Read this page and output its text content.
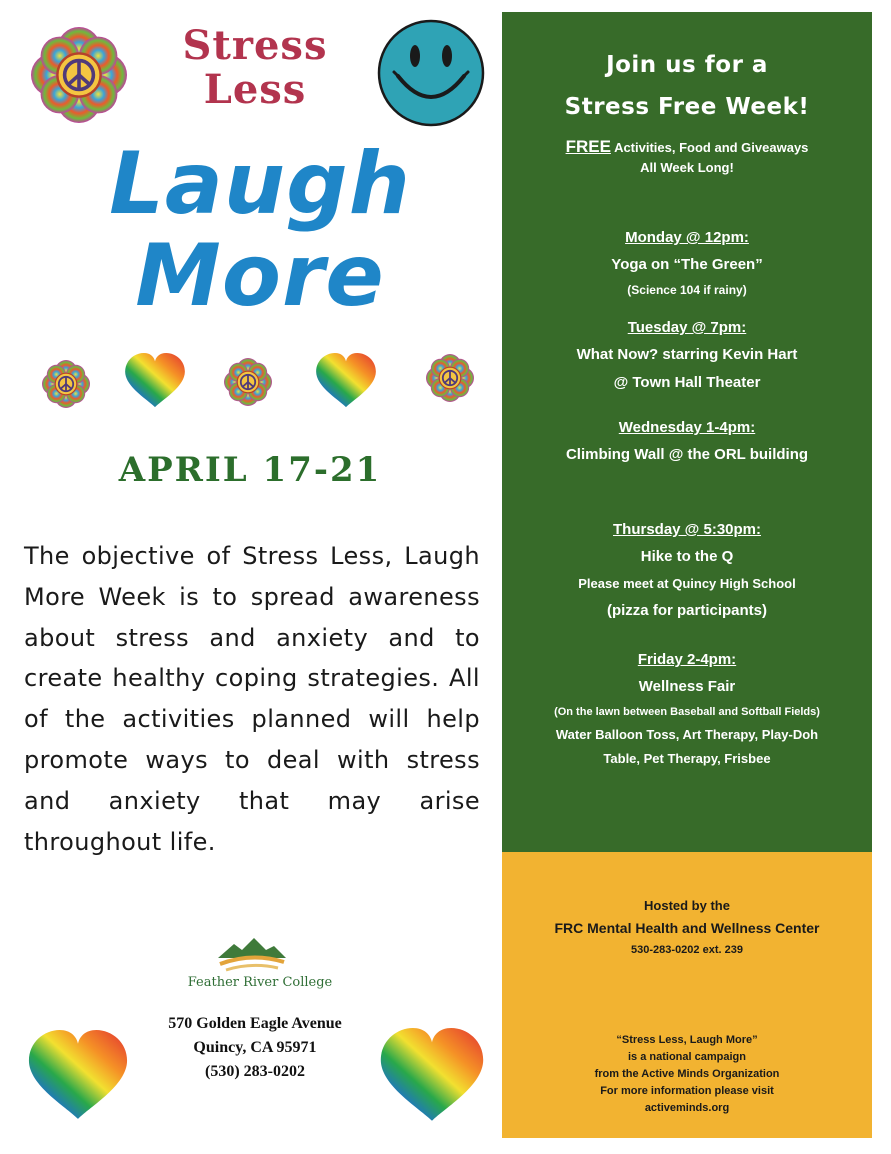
Stress
Less
Laugh
More
APRIL 17-21
The objective of Stress Less, Laugh More Week is to spread awareness about stress and anxiety and to create healthy coping strategies. All of the activities planned will help promote ways to deal with stress and anxiety that may arise throughout life.
Feather River College
570 Golden Eagle Avenue
Quincy, CA 95971
(530) 283-0202
Join us for a
Stress Free Week!
FREE Activities, Food and Giveaways
All Week Long!
Monday @ 12pm:
Yoga on “The Green”
(Science 104 if rainy)
Tuesday @ 7pm:
What Now? starring Kevin Hart
@ Town Hall Theater
Wednesday 1-4pm:
Climbing Wall @ the ORL building
Thursday @ 5:30pm:
Hike to the Q
Please meet at Quincy High School
(pizza for participants)
Friday 2-4pm:
Wellness Fair
(On the lawn between Baseball and Softball Fields)
Water Balloon Toss, Art Therapy, Play-Doh
Table, Pet Therapy, Frisbee
Hosted by the
FRC Mental Health and Wellness Center
530-283-0202 ext. 239
“Stress Less, Laugh More”
is a national campaign
from the Active Minds Organization
For more information please visit
activeminds.org
